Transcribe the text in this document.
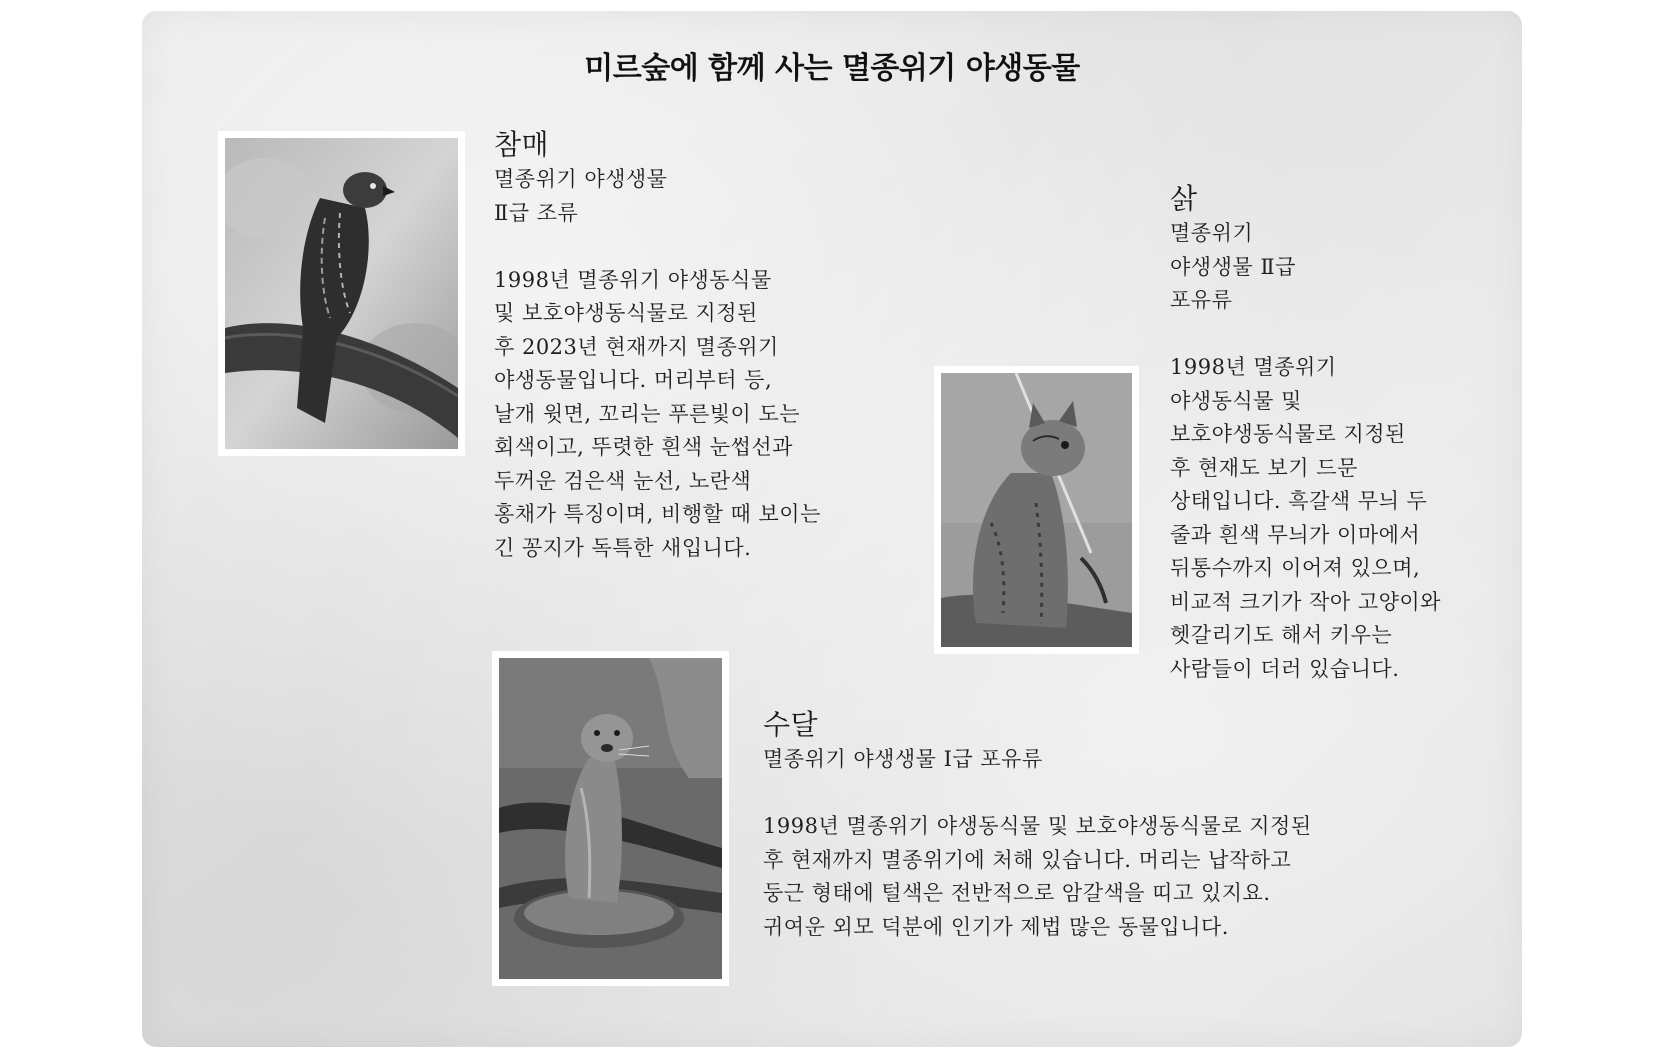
미르숲에 함께 사는 멸종위기 야생동물
참매
멸종위기 야생생물
Ⅱ급 조류
1998년 멸종위기 야생동식물
및 보호야생동식물로 지정된
후 2023년 현재까지 멸종위기
야생동물입니다. 머리부터 등,
날개 윗면, 꼬리는 푸른빛이 도는
회색이고, 뚜렷한 흰색 눈썹선과
두꺼운 검은색 눈선, 노란색
홍채가 특징이며, 비행할 때 보이는
긴 꽁지가 독특한 새입니다.
삵
멸종위기
야생생물 Ⅱ급
포유류
1998년 멸종위기
야생동식물 및
보호야생동식물로 지정된
후 현재도 보기 드문
상태입니다. 흑갈색 무늬 두
줄과 흰색 무늬가 이마에서
뒤통수까지 이어져 있으며,
비교적 크기가 작아 고양이와
헷갈리기도 해서 키우는
사람들이 더러 있습니다.
수달
멸종위기 야생생물 Ⅰ급 포유류
1998년 멸종위기 야생동식물 및 보호야생동식물로 지정된
후 현재까지 멸종위기에 처해 있습니다. 머리는 납작하고
둥근 형태에 털색은 전반적으로 암갈색을 띠고 있지요.
귀여운 외모 덕분에 인기가 제법 많은 동물입니다.
